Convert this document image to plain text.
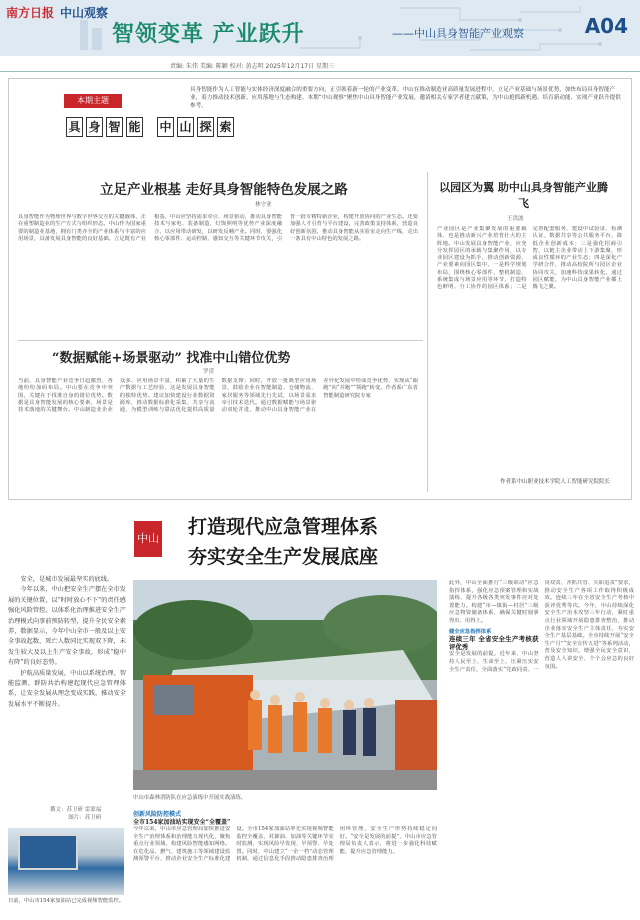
南方日报 中山观察
智领变革 产业跃升	——中山具身智能产业观察	A04
责编: 朱伟 美编: 陈颖 校对: 黄志明 2025年12月17日 星期三
本期主题
具 身 智 能 中 山 探 索
具身智能作为人工智能与实体经济深度融合的重要方向，正引领着新一轮的产业变革。中山在推动制造业高质量发展进程中，立足产业基础与场景优势，加快布局具身智能产业，着力推动技术创新、应用落地与生态构建。本期“中山观察”聚焦中山具身智能产业发展，邀请相关专家学者建言献策，为中山抢抓新机遇、培育新动能、实现产业跃升提供参考。
立足产业根基 走好具身智能特色发展之路
林守业
具身智能作为物理世界与数字世界交互的关键载体，正在重塑制造业的生产方式与组织形态。中山作为国家重要的制造业基地，拥有门类齐全的产业体系与丰富的应用场景，具备发展具身智能的良好基础。立足既有产业根基，中山应坚持需求牵引、场景驱动，推动具身智能技术与家电、装备制造、灯饰照明等优势产业深度融合，以应用带动研发，以研发反哺产业。同时，要强化核心零部件、运动控制、感知交互等关键环节攻关，引育一批专精特新企业，构建开放协同的产业生态。还要加强人才引育与平台建设，完善政策支持体系，营造良好创新氛围，推动具身智能从实验室走向生产线，走出一条具有中山特色的发展之路。
以园区为翼 助中山具身智能产业腾飞
王洪波
产业园区是产业集聚发展的重要载体，也是推动新兴产业培育壮大的主阵地。中山发展具身智能产业，应充分发挥园区的承载与集聚作用，以专业园区建设为抓手，推动创新资源、产业要素向园区集中。一是科学规划布局，围绕核心零部件、整机制造、系统集成与场景应用等环节，打造特色鲜明、分工协作的园区体系；二是完善配套服务，建设中试验证、检测认证、数据共享等公共服务平台，降低企业创新成本；三是强化招商引智，以链主企业带动上下游集聚，形成良性循环的产业生态；四是深化产学研合作，推动高校院所与园区企业协同攻关，加速科技成果转化。通过园区赋能，为中山具身智能产业插上腾飞之翼。
作者系中山职业技术学院人工智能研究院院长
“数据赋能+场景驱动” 找准中山错位优势
罗滢
当前，具身智能产业竞争日趋激烈，各地纷纷加码布局。中山要在竞争中突围，关键在于找准自身的错位优势。数据是具身智能发展的核心要素，场景是技术落地的关键舞台。中山制造业企业众多、应用场景丰富，积累了大量的生产数据与工艺经验，这是发展具身智能的独特优势。建议加快建设行业数据资源库，推动数据标准化采集、共享与流通，为模型训练与算法优化提供高质量数据支撑；同时，开放一批典型应用场景，鼓励企业在智能制造、仓储物流、家居服务等领域先行先试，以场景需求牵引技术迭代。通过数据赋能与场景驱动双轮并进，推动中山具身智能产业在差异化发展中形成竞争优势，实现从“跟跑”向“并跑”“领跑”转变。作者系广东省智能制造研究院专家
中山
打造现代应急管理体系
夯实安全生产发展底座

安全，是城市发展最坚实的底线。

今年以来，中山把安全生产摆在全市发展的关键位置，以“时时放心不下”的责任感强化风险管控，以体系化治理推进安全生产治理模式向事前预防转型，提升全民安全素养，数据显示，今年中山全市一般及以上安全事故起数、死亡人数同比实现双下降，未发生较大及以上生产安全事故，形成“稳中有降”的良好态势。

护航高质量发展，中山以系统治理、智能监测、群防共治构建起现代应急管理体系，让安全发展从理念变成实践，推动安全发展水平不断提升。

撰文：苏卫研 雷蒙福
图片：苏卫研
日前，中山市154家加油站已完成视频智能监控。
中山市森林消防队在应急演练中开展实战演练。
创新风险防控模式
全市154家加油站实现安全“全覆盖”
今年以来，中山市应急管理局加快推进安全生产治理体系和治理能力现代化，聚焦重点行业领域，构建风险智能感知网络。在危化品、燃气、建筑施工等领域建设监测预警平台，推动企业安全生产标准化建设。全市154家加油站率先实现视频智能监控全覆盖，对卸油、加油等关键环节实时监测，实现风险早发现、早预警、早处置。同时，中山建立“一企一档”动态管理机制，通过信息化手段推动隐患排查治理闭环管理，安全生产形势持续稳定向好。“安全是发展的前提”，中山市应急管理局负责人表示，将进一步强化科技赋能，提升应急管理能力。
此外，中山全面推行“三级联动”应急指挥体系，强化应急预案管理和实战演练，提升各级各类突发事件应对处置能力。构建“市—镇街—村居”三级应急物资储备体系，确保关键时刻拿得出、用得上。
健全应急指挥体系
连续三年 全省安全生产考核获评优秀
安全是发展的前提。近年来，中山坚持人民至上、生命至上，压紧压实安全生产责任，全面落实“党政同责、一岗双责、齐抓共管、失职追责”要求，推动安全生产各项工作取得积极成效。连续三年在全省安全生产考核中获评优秀等次。今年，中山持续深化安全生产治本攻坚三年行动，紧盯重点行业领域开展隐患排查整治，推动企业落实安全生产主体责任，夯实安全生产基层基础。全市持续开展“安全生产月”“安全宣传五进”等系列活动，普及安全知识，增强全民安全意识，营造人人讲安全、个个会应急的良好氛围。
